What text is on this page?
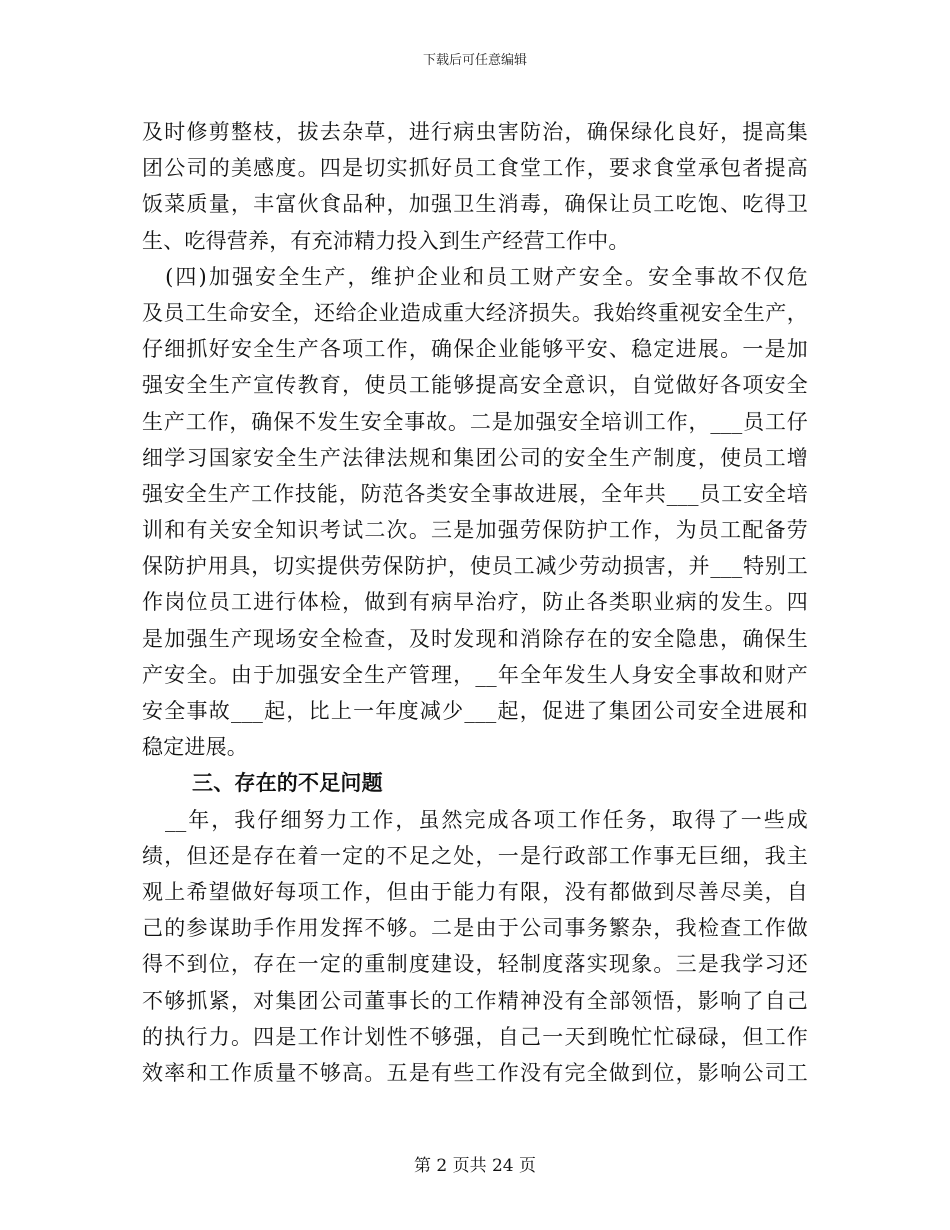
下载后可任意编辑
及时修剪整枝，拔去杂草，进行病虫害防治，确保绿化良好，提高集
团公司的美感度。四是切实抓好员工食堂工作，要求食堂承包者提高
饭菜质量，丰富伙食品种，加强卫生消毒，确保让员工吃饱、吃得卫
生、吃得营养，有充沛精力投入到生产经营工作中。
　(四)加强安全生产，维护企业和员工财产安全。安全事故不仅危
及员工生命安全，还给企业造成重大经济损失。我始终重视安全生产，
仔细抓好安全生产各项工作，确保企业能够平安、稳定进展。一是加
强安全生产宣传教育，使员工能够提高安全意识，自觉做好各项安全
生产工作，确保不发生安全事故。二是加强安全培训工作，___员工仔
细学习国家安全生产法律法规和集团公司的安全生产制度，使员工增
强安全生产工作技能，防范各类安全事故进展，全年共___员工安全培
训和有关安全知识考试二次。三是加强劳保防护工作，为员工配备劳
保防护用具，切实提供劳保防护，使员工减少劳动损害，并___特别工
作岗位员工进行体检，做到有病早治疗，防止各类职业病的发生。四
是加强生产现场安全检查，及时发现和消除存在的安全隐患，确保生
产安全。由于加强安全生产管理，__年全年发生人身安全事故和财产
安全事故___起，比上一年度减少___起，促进了集团公司安全进展和
稳定进展。
三、存在的不足问题
　__年，我仔细努力工作，虽然完成各项工作任务，取得了一些成
绩，但还是存在着一定的不足之处，一是行政部工作事无巨细，我主
观上希望做好每项工作，但由于能力有限，没有都做到尽善尽美，自
己的参谋助手作用发挥不够。二是由于公司事务繁杂，我检查工作做
得不到位，存在一定的重制度建设，轻制度落实现象。三是我学习还
不够抓紧，对集团公司董事长的工作精神没有全部领悟，影响了自己
的执行力。四是工作计划性不够强，自己一天到晚忙忙碌碌，但工作
效率和工作质量不够高。五是有些工作没有完全做到位，影响公司工
第 2 页共 24 页
